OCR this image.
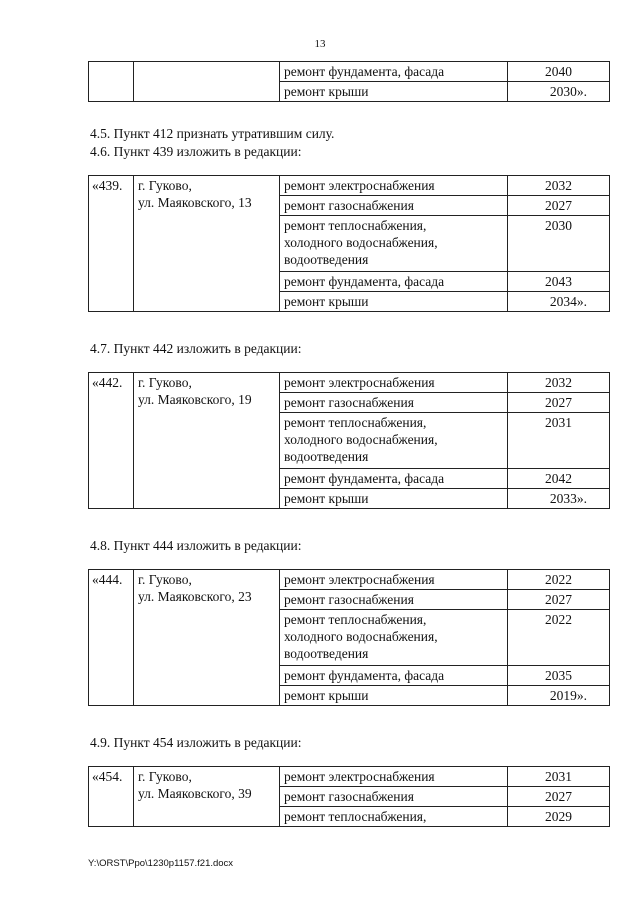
13
		ремонт фундамента, фасада	2040
		ремонт крыши	2030».
4.5. Пункт 412 признать утратившим силу.
4.6. Пункт 439 изложить в редакции:
«439.	г. Гуково,
ул. Маяковского, 13	ремонт электроснабжения	2032
		ремонт газоснабжения	2027

		ремонт теплоснабжения,
холодного водоснабжения,
водоотведения	2030
		ремонт фундамента, фасада	2043
		ремонт крыши	2034».
4.7. Пункт 442 изложить в редакции:
«442.	г. Гуково,
ул. Маяковского, 19	ремонт электроснабжения	2032
		ремонт газоснабжения	2027

		ремонт теплоснабжения,
холодного водоснабжения,
водоотведения	2031
		ремонт фундамента, фасада	2042
		ремонт крыши	2033».
4.8. Пункт 444 изложить в редакции:
«444.	г. Гуково,
ул. Маяковского, 23	ремонт электроснабжения	2022
		ремонт газоснабжения	2027

		ремонт теплоснабжения,
холодного водоснабжения,
водоотведения	2022
		ремонт фундамента, фасада	2035
		ремонт крыши	2019».
4.9. Пункт 454 изложить в редакции:
«454.	г. Гуково,
ул. Маяковского, 39	ремонт электроснабжения	2031
		ремонт газоснабжения	2027
		ремонт теплоснабжения,	2029
Y:\ORST\Ppo\1230p1157.f21.docx
